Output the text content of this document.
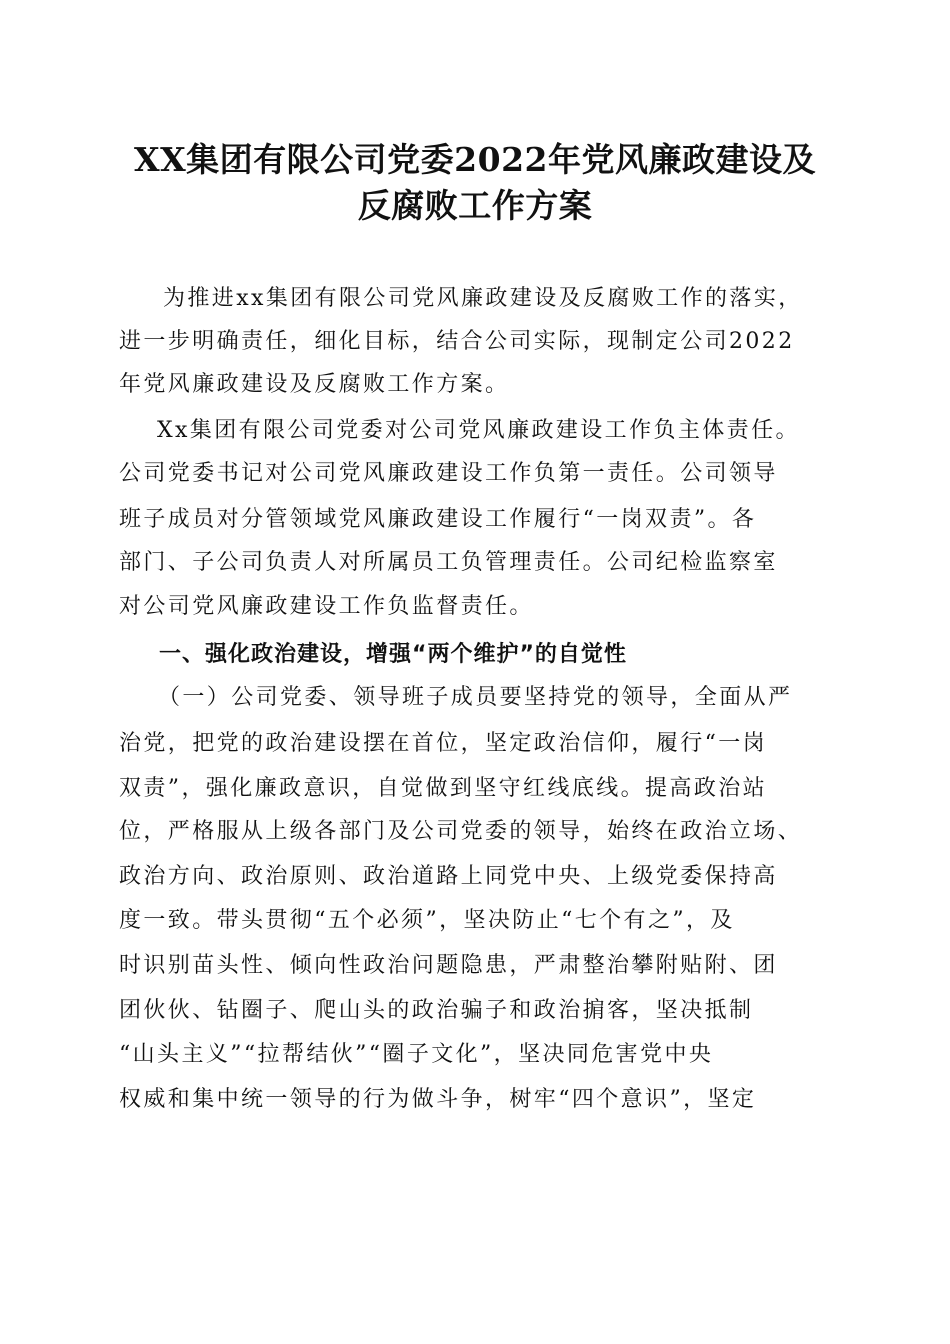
XX集团有限公司党委2022年党风廉政建设及
反腐败工作方案
为推进xx集团有限公司党风廉政建设及反腐败工作的落实，
进一步明确责任，细化目标，结合公司实际，现制定公司2022
年党风廉政建设及反腐败工作方案。
Xx集团有限公司党委对公司党风廉政建设工作负主体责任。
公司党委书记对公司党风廉政建设工作负第一责任。公司领导
班子成员对分管领域党风廉政建设工作履行“一岗双责”。各
部门、子公司负责人对所属员工负管理责任。公司纪检监察室
对公司党风廉政建设工作负监督责任。
一、强化政治建设，增强“两个维护”的自觉性
（一）公司党委、领导班子成员要坚持党的领导，全面从严
治党，把党的政治建设摆在首位，坚定政治信仰，履行“一岗
双责”，强化廉政意识，自觉做到坚守红线底线。提高政治站
位，严格服从上级各部门及公司党委的领导，始终在政治立场、
政治方向、政治原则、政治道路上同党中央、上级党委保持高
度一致。带头贯彻“五个必须”，坚决防止“七个有之”，及
时识别苗头性、倾向性政治问题隐患，严肃整治攀附贴附、团
团伙伙、钻圈子、爬山头的政治骗子和政治掮客，坚决抵制
“山头主义”“拉帮结伙”“圈子文化”，坚决同危害党中央
权威和集中统一领导的行为做斗争，树牢“四个意识”，坚定
